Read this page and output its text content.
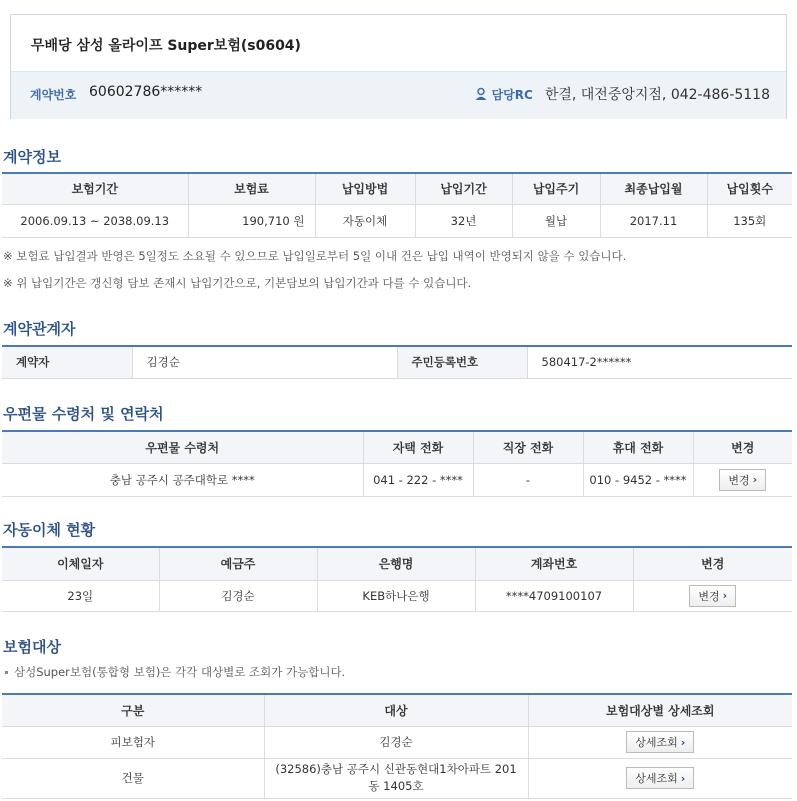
무배당 삼성 올라이프 Super보험(s0604)
계약번호 60602786******	담당RC 한결, 대전중앙지점, 042-486-5118
계약정보
보험기간	보험료	납입방법	납입기간	납입주기	최종납입월	납입횟수
2006.09.13 ~ 2038.09.13	190,710 원	자동이체	32년	월납	2017.11	135회
※ 보험료 납입결과 반영은 5일정도 소요될 수 있으므로 납입일로부터 5일 이내 건은 납입 내역이 반영되지 않을 수 있습니다.
※ 위 납입기간은 갱신형 담보 존재시 납입기간으로, 기본담보의 납입기간과 다를 수 있습니다.
계약관계자
계약자	김경순	주민등록번호	580417-2******
우편물 수령처 및 연락처
우편물 수령처	자택 전화	직장 전화	휴대 전화	변경
충남 공주시 공주대학로 ****	041 - 222 - ****	-	010 - 9452 - ****	변경 ›
자동이체 현황
이체일자	예금주	은행명	계좌번호	변경
23일	김경순	KEB하나은행	****4709100107	변경 ›
보험대상
삼성Super보험(통합형 보험)은 각각 대상별로 조회가 가능합니다.
구분	대상	보험대상별 상세조회
피보험자	김경순	상세조회 ›

건물	(32586)충남 공주시 신관동현대1차아파트 201동 1405호	상세조회 ›
